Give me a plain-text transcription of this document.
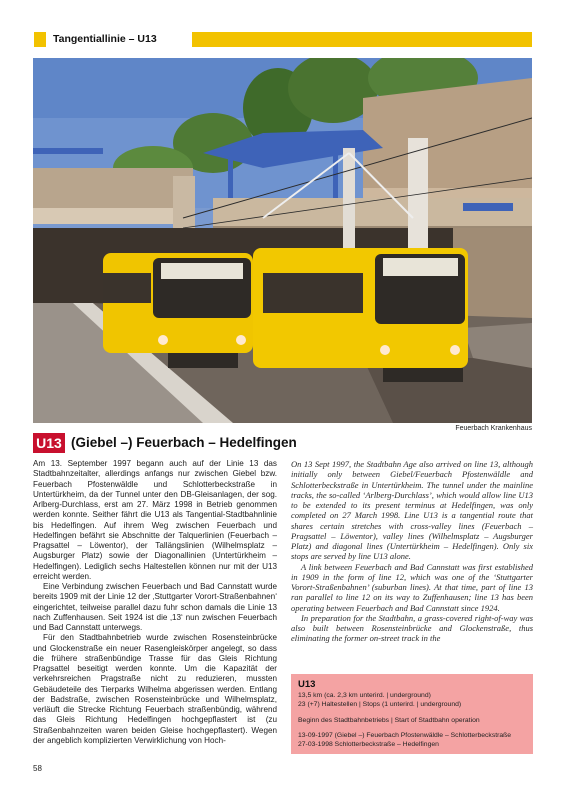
Tangentiallinie – U13
Feuerbach Krankenhaus
U13 (Giebel –) Feuerbach – Hedelfingen

Am 13. September 1997 begann auch auf der Linie 13 das Stadtbahnzeitalter, allerdings anfangs nur zwischen Giebel bzw. Feuerbach Pfostenwäldle und Schlotterbeckstraße in Untertürkheim, da der Tunnel unter den DB-Gleisanlagen, der sog. Arlberg-Durchlass, erst am 27. März 1998 in Betrieb genommen werden konnte. Seither fährt die U13 als Tangential-Stadtbahnlinie bis Hedelfingen. Auf ihrem Weg zwischen Feuerbach und Hedelfingen befährt sie Abschnitte der Talquerlinien (Feuerbach – Pragsattel – Löwentor), der Tallängslinien (Wilhelmsplatz – Augsburger Platz) sowie der Diagonallinien (Untertürkheim – Hedelfingen). Lediglich sechs Haltestellen können nur mit der U13 erreicht werden.

Eine Verbindung zwischen Feuerbach und Bad Cannstatt wurde bereits 1909 mit der Linie 12 der ‚Stuttgarter Vorort-Straßenbahnen‘ eingerichtet, teilweise parallel dazu fuhr schon damals die Linie 13 nach Zuffenhausen. Seit 1924 ist die ‚13‘ nun zwischen Feuerbach und Bad Cannstatt unterwegs.

Für den Stadtbahnbetrieb wurde zwischen Rosensteinbrücke und Glockenstraße ein neuer Rasengleiskörper angelegt, so dass die frühere straßenbündige Trasse für das Gleis Richtung Pragsattel beseitigt werden konnte. Um die Kapazität der verkehrsreichen Pragstraße nicht zu reduzieren, mussten Gebäudeteile des Tierparks Wilhelma abgerissen werden. Entlang der Badstraße, zwischen Rosensteinbrücke und Wilhelmsplatz, verläuft die Strecke Richtung Feuerbach straßenbündig, während das Gleis Richtung Hedelfingen hochgepflastert ist (zu Straßenbahnzeiten waren beiden Gleise hochgepflastert). Wegen der angeblich komplizierten Verwirklichung von Hoch-

On 13 Sept 1997, the Stadtbahn Age also arrived on line 13, although initially only between Giebel/Feuerbach Pfostenwäldle and Schlotterbeckstraße in Untertürkheim. The tunnel under the mainline tracks, the so-called ‘Arlberg-Durchlass’, which would allow line U13 to be extended to its present terminus at Hedelfingen, was only completed on 27 March 1998. Line U13 is a tangential route that shares certain stretches with cross-valley lines (Feuerbach – Pragsattel – Löwentor), valley lines (Wilhelmsplatz – Augsburger Platz) and diagonal lines (Untertürkheim – Hedelfingen). Only six stops are served by line U13 alone.

A link between Feuerbach and Bad Cannstatt was first established in 1909 in the form of line 12, which was one of the ‘Stuttgarter Vorort-Straßenbahnen’ (suburban lines). At that time, part of line 13 ran parallel to line 12 on its way to Zuffenhausen; line 13 has been operating between Feuerbach and Bad Cannstatt since 1924.

In preparation for the Stadtbahn, a grass-covered right-of-way was also built between Rosensteinbrücke and Glockenstraße, thus eliminating the former on-street track in the

U13
13,5 km (ca. 2,3 km unterird. | underground)
23 (+7) Haltestellen | Stops (1 unterird. | underground)
Beginn des Stadtbahnbetriebs | Start of Stadtbahn operation
13-09-1997 (Giebel –) Feuerbach Pfostenwäldle – Schlotterbeckstraße
27-03-1998 Schlotterbeckstraße – Hedelfingen
58
